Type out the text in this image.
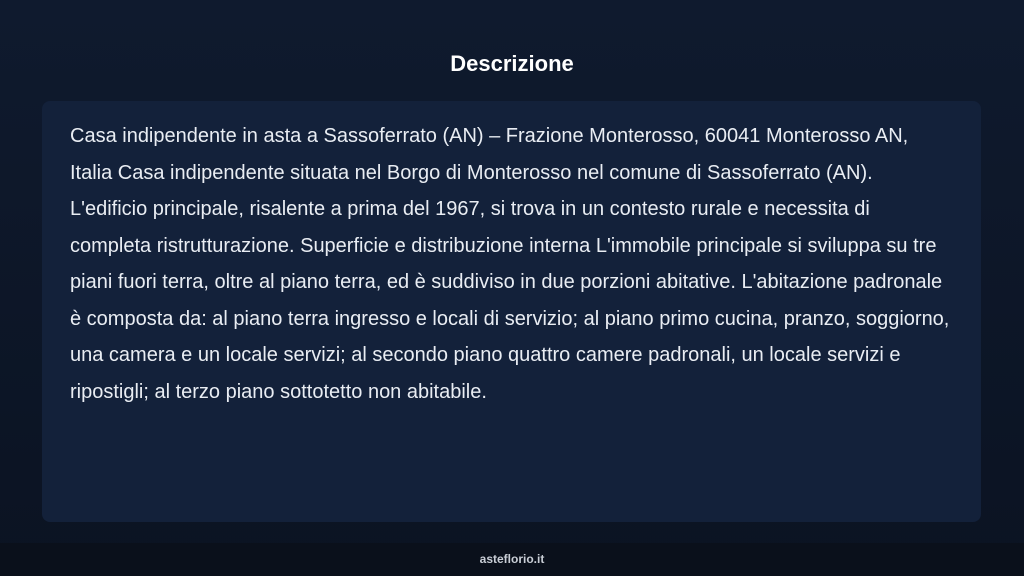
Descrizione

Casa indipendente in asta a Sassoferrato (AN) – Frazione Monterosso, 60041 Monterosso AN, Italia Casa indipendente situata nel Borgo di Monterosso nel comune di Sassoferrato (AN). L'edificio principale, risalente a prima del 1967, si trova in un contesto rurale e necessita di completa ristrutturazione. Superficie e distribuzione interna L'immobile principale si sviluppa su tre piani fuori terra, oltre al piano terra, ed è suddiviso in due porzioni abitative. L'abitazione padronale è composta da: al piano terra ingresso e locali di servizio; al piano primo cucina, pranzo, soggiorno, una camera e un locale servizi; al secondo piano quattro camere padronali, un locale servizi e ripostigli; al terzo piano sottotetto non abitabile.

asteflorio.it
